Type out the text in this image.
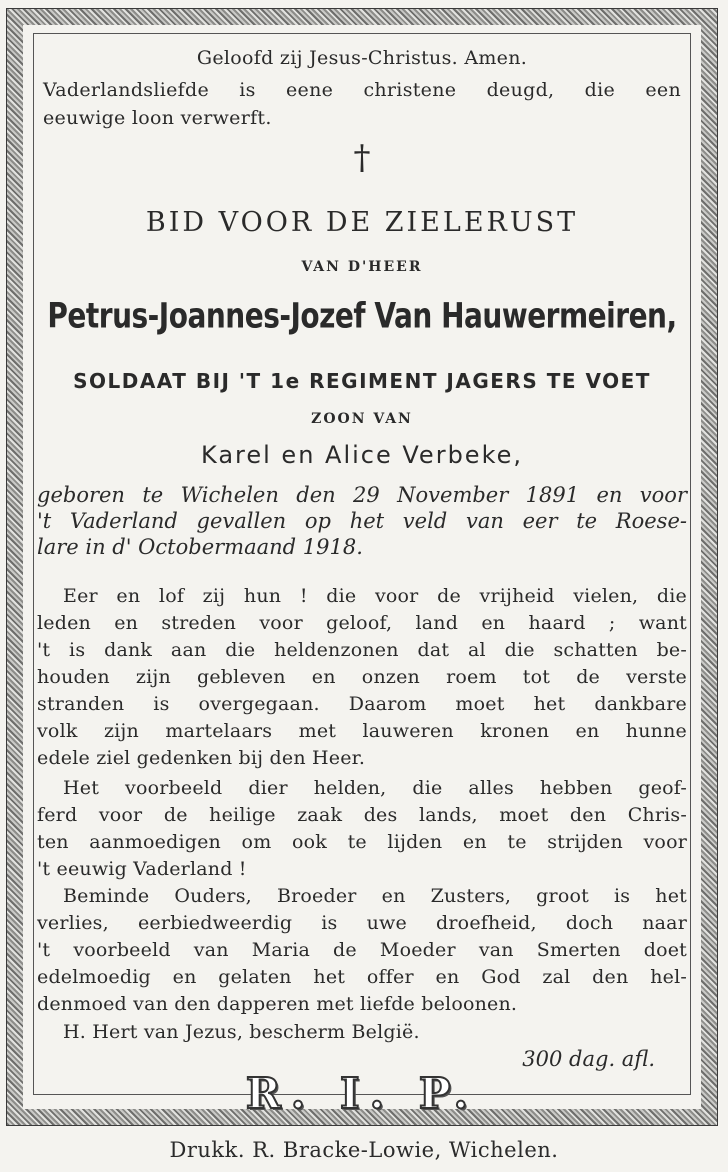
Geloofd zij Jesus-Christus. Amen.
Vaderlandsliefde is eene christene deugd, die een
eeuwige loon verwerft.
†
BID VOOR DE ZIELERUST
VAN D'HEER
Petrus-Joannes-Jozef Van Hauwermeiren,
SOLDAAT BIJ 'T 1e REGIMENT JAGERS TE VOET
ZOON VAN
Karel en Alice Verbeke,
geboren te Wichelen den 29 November 1891 en voor
't Vaderland gevallen op het veld van eer te Roese-
lare in d' Octobermaand 1918.
Eer en lof zij hun ! die voor de vrijheid vielen, die
leden en streden voor geloof, land en haard ; want
't is dank aan die heldenzonen dat al die schatten be-
houden zijn gebleven en onzen roem tot de verste
stranden is overgegaan. Daarom moet het dankbare
volk zijn martelaars met lauweren kronen en hunne
edele ziel gedenken bij den Heer.
Het voorbeeld dier helden, die alles hebben geof-
ferd voor de heilige zaak des lands, moet den Chris-
ten aanmoedigen om ook te lijden en te strijden voor
't eeuwig Vaderland !
Beminde Ouders, Broeder en Zusters, groot is het
verlies, eerbiedweerdig is uwe droefheid, doch naar
't voorbeeld van Maria de Moeder van Smerten doet
edelmoedig en gelaten het offer en God zal den hel-
denmoed van den dapperen met liefde beloonen.
H. Hert van Jezus, bescherm België.
300 dag. afl.
R. I. P.
Drukk. R. Bracke-Lowie, Wichelen.
